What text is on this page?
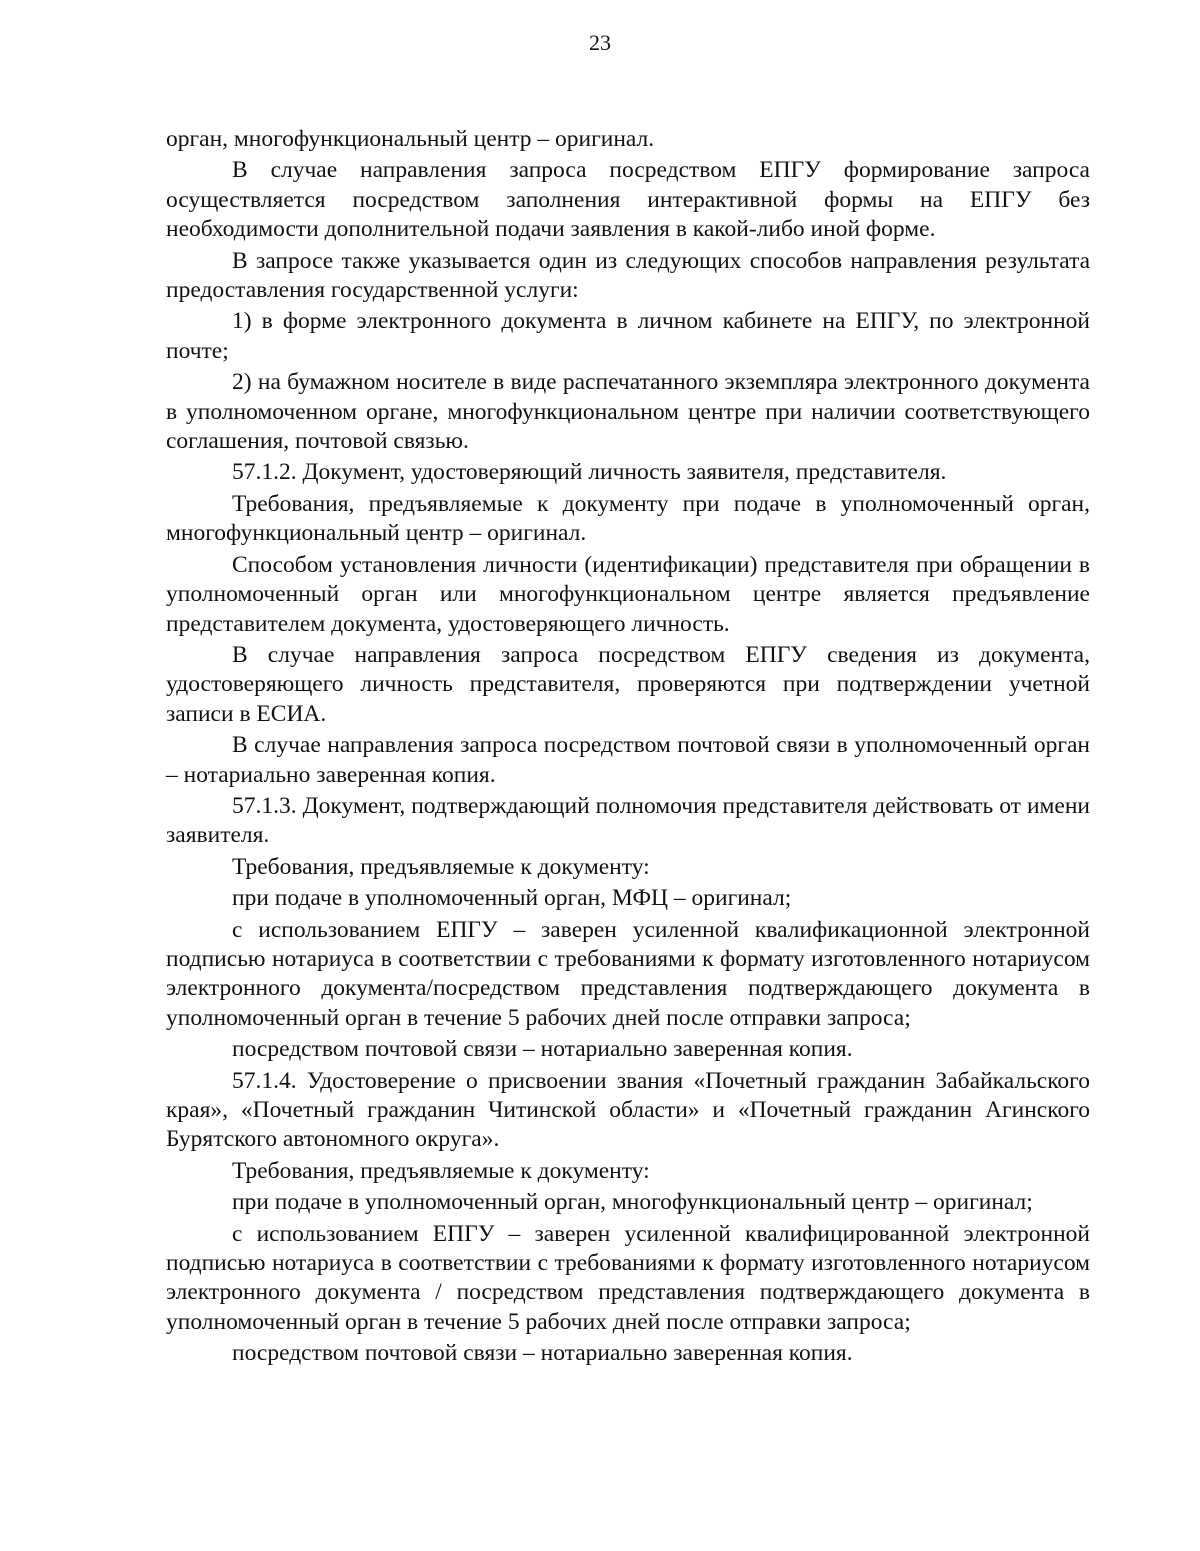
23

орган, многофункциональный центр – оригинал.

В случае направления запроса посредством ЕПГУ формирование запроса осуществляется посредством заполнения интерактивной формы на ЕПГУ без необходимости дополнительной подачи заявления в какой-либо иной форме.

В запросе также указывается один из следующих способов направления результата предоставления государственной услуги:

1) в форме электронного документа в личном кабинете на ЕПГУ, по электронной почте;

2) на бумажном носителе в виде распечатанного экземпляра электронного документа в уполномоченном органе, многофункциональном центре при наличии соответствующего соглашения, почтовой связью.

57.1.2. Документ, удостоверяющий личность заявителя, представителя.

Требования, предъявляемые к документу при подаче в уполномоченный орган, многофункциональный центр – оригинал.

Способом установления личности (идентификации) представителя при обращении в уполномоченный орган или многофункциональном центре является предъявление представителем документа, удостоверяющего личность.

В случае направления запроса посредством ЕПГУ сведения из документа, удостоверяющего личность представителя, проверяются при подтверждении учетной записи в ЕСИА.

В случае направления запроса посредством почтовой связи в уполномоченный орган – нотариально заверенная копия.

57.1.3. Документ, подтверждающий полномочия представителя действовать от имени заявителя.

Требования, предъявляемые к документу:

при подаче в уполномоченный орган, МФЦ – оригинал;

с использованием ЕПГУ – заверен усиленной квалификационной электронной подписью нотариуса в соответствии с требованиями к формату изготовленного нотариусом электронного документа/посредством представления подтверждающего документа в уполномоченный орган в течение 5 рабочих дней после отправки запроса;

посредством почтовой связи – нотариально заверенная копия.

57.1.4. Удостоверение о присвоении звания «Почетный гражданин Забайкальского края», «Почетный гражданин Читинской области» и «Почетный гражданин Агинского Бурятского автономного округа».

Требования, предъявляемые к документу:

при подаче в уполномоченный орган, многофункциональный центр – оригинал;

с использованием ЕПГУ – заверен усиленной квалифицированной электронной подписью нотариуса в соответствии с требованиями к формату изготовленного нотариусом электронного документа / посредством представления подтверждающего документа в уполномоченный орган в течение 5 рабочих дней после отправки запроса;

посредством почтовой связи – нотариально заверенная копия.
